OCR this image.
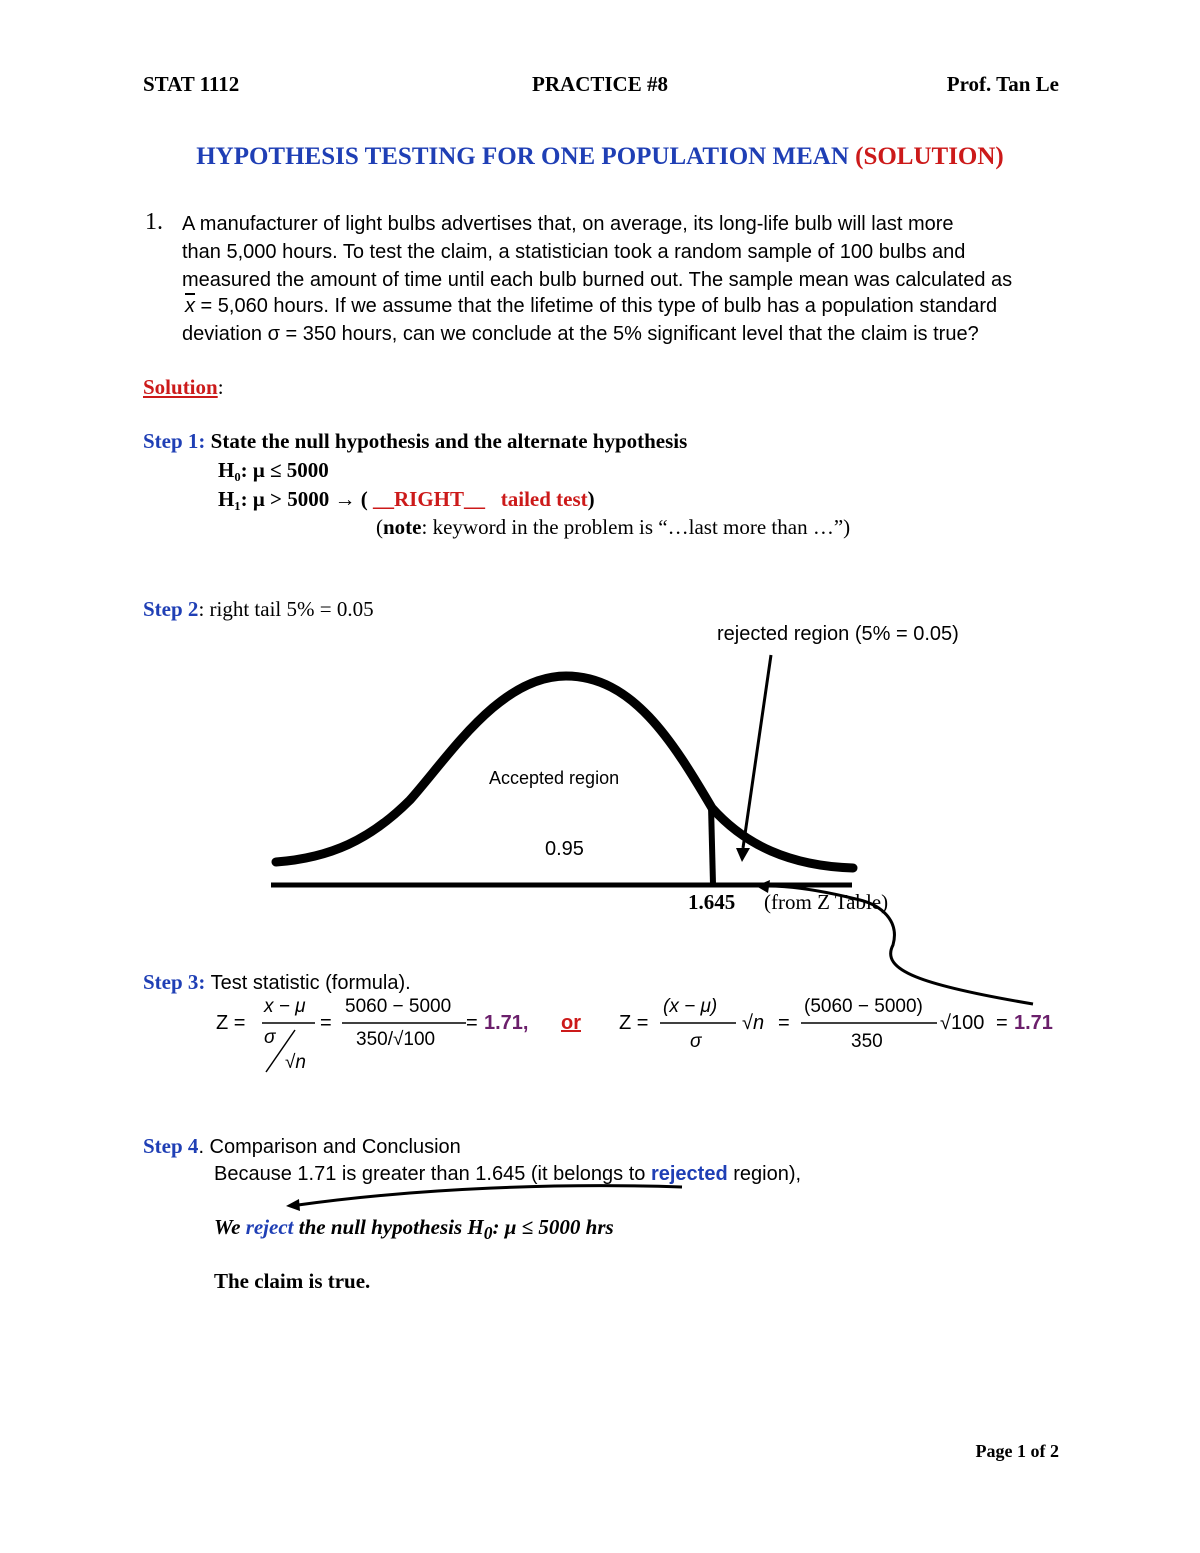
STAT 1112	PRACTICE #8	Prof. Tan Le
HYPOTHESIS TESTING FOR ONE POPULATION MEAN (SOLUTION)
1. A manufacturer of light bulbs advertises that, on average, its long-life bulb will last more
than 5,000 hours. To test the claim, a statistician took a random sample of 100 bulbs and
measured the amount of time until each bulb burned out. The sample mean was calculated as
$\overline{x} = 5,060$ hours. If we assume that the lifetime of this type of bulb has a population standard
deviation σ = 350 hours, can we conclude at the 5% significant level that the claim is true?
Solution:
Step 1: State the null hypothesis and the alternate hypothesis
H₀: μ ≤ 5000
H₁: μ > 5000 → ( __RIGHT__ tailed test)
(note: keyword in the problem is “…last more than …”)
Step 2: right tail 5% = 0.05
rejected region (5% = 0.05)
Accepted region
0.95
1.645 (from Z Table)
Step 3: Test statistic (formula).
Z =
x − μ
σ
√n
=
5060 − 5000
350/√100
= 1.71, or Z =
(x − μ)
σ
√n =
(5060 − 5000)
350
√100 = 1.71
Step 4. Comparison and Conclusion
Because 1.71 is greater than 1.645 (it belongs to rejected region),
We reject the null hypothesis $H_0$: μ ≤ 5000 hrs
The claim is true.
Page 1 of 2
